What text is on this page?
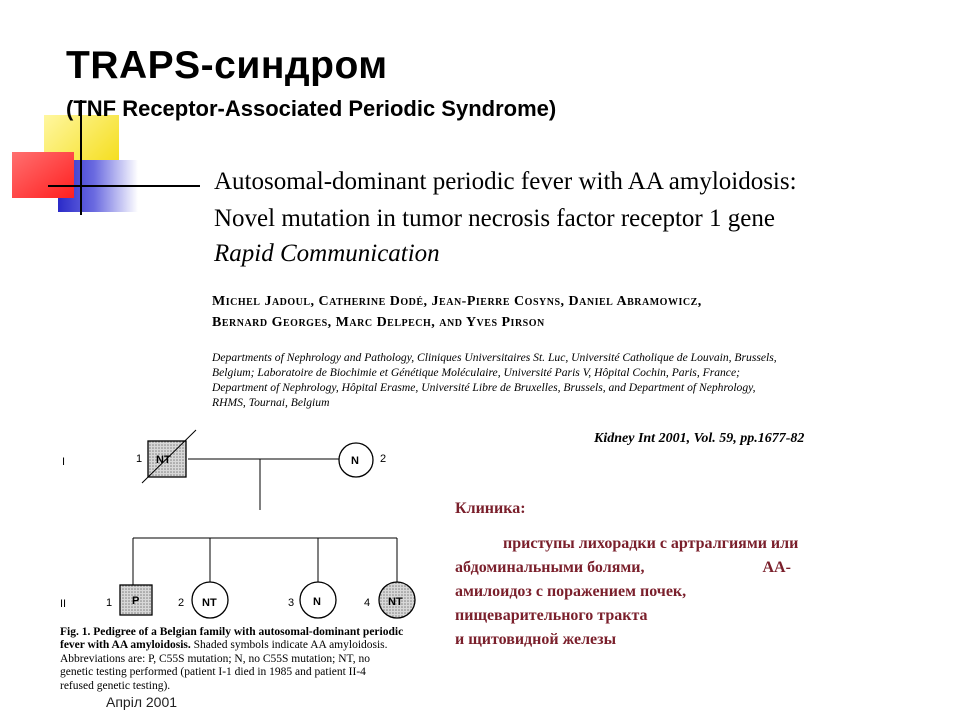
TRAPS-синдром
(TNF Receptor-Associated Periodic Syndrome)
Autosomal-dominant periodic fever with AA amyloidosis:
Novel mutation in tumor necrosis factor receptor 1 gene
Rapid Communication
Michel Jadoul, Catherine Dodé, Jean-Pierre Cosyns, Daniel Abramowicz,
Bernard Georges, Marc Delpech, and Yves Pirson
Departments of Nephrology and Pathology, Cliniques Universitaires St. Luc, Université Catholique de Louvain, Brussels,
Belgium; Laboratoire de Biochimie et Génétique Moléculaire, Université Paris V, Hôpital Cochin, Paris, France;
Department of Nephrology, Hôpital Erasme, Université Libre de Bruxelles, Brussels, and Department of Nephrology,
RHMS, Tournai, Belgium
Kidney Int 2001, Vol. 59, pp.1677-82
I
II
NT
1	N 2
P
1	NT
2	N
3	NT
4
Fig. 1. Pedigree of a Belgian family with autosomal-dominant periodic
fever with AA amyloidosis. Shaded symbols indicate AA amyloidosis.
Abbreviations are: P, C55S mutation; N, no C55S mutation; NT, no
genetic testing performed (patient I-1 died in 1985 and patient II-4
refused genetic testing).
Клиника:
приступы лихорадки с артралгиями или
абдоминальными болями,	AA-
амилоидоз с поражением почек,
пищеварительного тракта
и щитовидной железы
Апрiл 2001
